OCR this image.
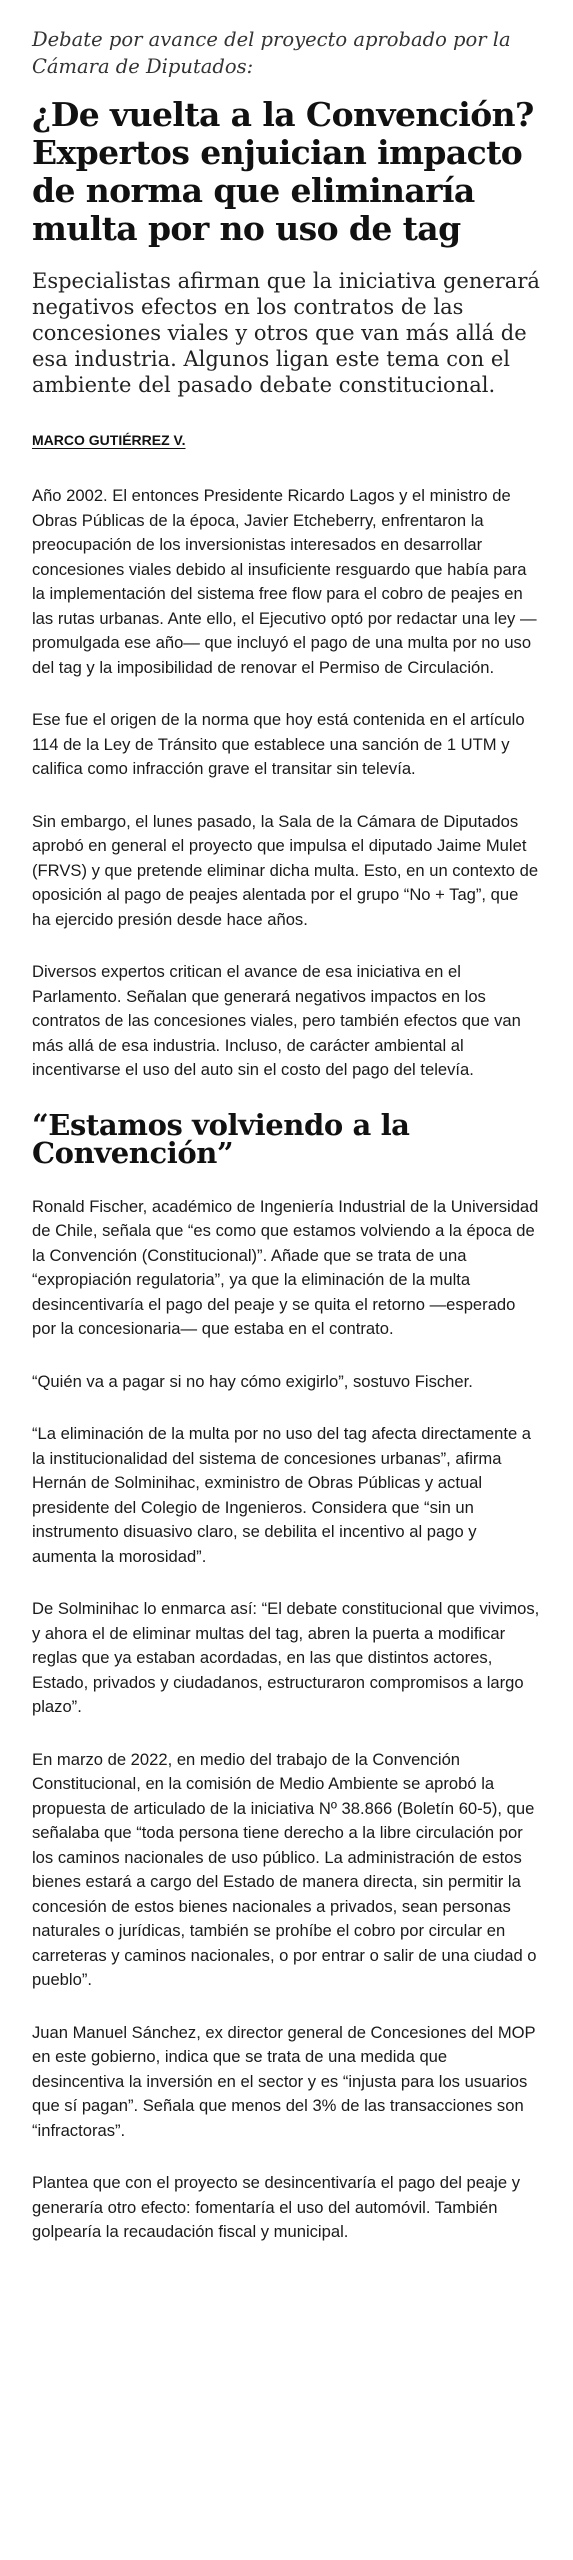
Debate por avance del proyecto aprobado por la Cámara de Diputados:

¿De vuelta a la Convención? Expertos enjuician impacto de norma que eliminaría multa por no uso de tag

Especialistas afirman que la iniciativa generará negativos efectos en los contratos de las concesiones viales y otros que van más allá de esa industria. Algunos ligan este tema con el ambiente del pasado debate constitucional.

MARCO GUTIÉRREZ V.

Año 2002. El entonces Presidente Ricardo Lagos y el ministro de Obras Públicas de la época, Javier Etcheberry, enfrentaron la preocupación de los inversionistas interesados en desarrollar concesiones viales debido al insuficiente resguardo que había para la implementación del sistema free flow para el cobro de peajes en las rutas urbanas. Ante ello, el Ejecutivo optó por redactar una ley —promulgada ese año— que incluyó el pago de una multa por no uso del tag y la imposibilidad de renovar el Permiso de Circulación.

Ese fue el origen de la norma que hoy está contenida en el artículo 114 de la Ley de Tránsito que establece una sanción de 1 UTM y califica como infracción grave el transitar sin televía.

Sin embargo, el lunes pasado, la Sala de la Cámara de Diputados aprobó en general el proyecto que impulsa el diputado Jaime Mulet (FRVS) y que pretende eliminar dicha multa. Esto, en un contexto de oposición al pago de peajes alentada por el grupo “No + Tag”, que ha ejercido presión desde hace años.

Diversos expertos critican el avance de esa iniciativa en el Parlamento. Señalan que generará negativos impactos en los contratos de las concesiones viales, pero también efectos que van más allá de esa industria. Incluso, de carácter ambiental al incentivarse el uso del auto sin el costo del pago del televía.

“Estamos volviendo a la Convención”

Ronald Fischer, académico de Ingeniería Industrial de la Universidad de Chile, señala que “es como que estamos volviendo a la época de la Convención (Constitucional)”. Añade que se trata de una “expropiación regulatoria”, ya que la eliminación de la multa desincentivaría el pago del peaje y se quita el retorno —esperado por la concesionaria— que estaba en el contrato.

“Quién va a pagar si no hay cómo exigirlo”, sostuvo Fischer.

“La eliminación de la multa por no uso del tag afecta directamente a la institucionalidad del sistema de concesiones urbanas”, afirma Hernán de Solminihac, exministro de Obras Públicas y actual presidente del Colegio de Ingenieros. Considera que “sin un instrumento disuasivo claro, se debilita el incentivo al pago y aumenta la morosidad”.

De Solminihac lo enmarca así: “El debate constitucional que vivimos, y ahora el de eliminar multas del tag, abren la puerta a modificar reglas que ya estaban acordadas, en las que distintos actores, Estado, privados y ciudadanos, estructuraron compromisos a largo plazo”.

En marzo de 2022, en medio del trabajo de la Convención Constitucional, en la comisión de Medio Ambiente se aprobó la propuesta de articulado de la iniciativa Nº 38.866 (Boletín 60-5), que señalaba que “toda persona tiene derecho a la libre circulación por los caminos nacionales de uso público. La administración de estos bienes estará a cargo del Estado de manera directa, sin permitir la concesión de estos bienes nacionales a privados, sean personas naturales o jurídicas, también se prohíbe el cobro por circular en carreteras y caminos nacionales, o por entrar o salir de una ciudad o pueblo”.

Juan Manuel Sánchez, ex director general de Concesiones del MOP en este gobierno, indica que se trata de una medida que desincentiva la inversión en el sector y es “injusta para los usuarios que sí pagan”. Señala que menos del 3% de las transacciones son “infractoras”.

Plantea que con el proyecto se desincentivaría el pago del peaje y generaría otro efecto: fomentaría el uso del automóvil. También golpearía la recaudación fiscal y municipal.
